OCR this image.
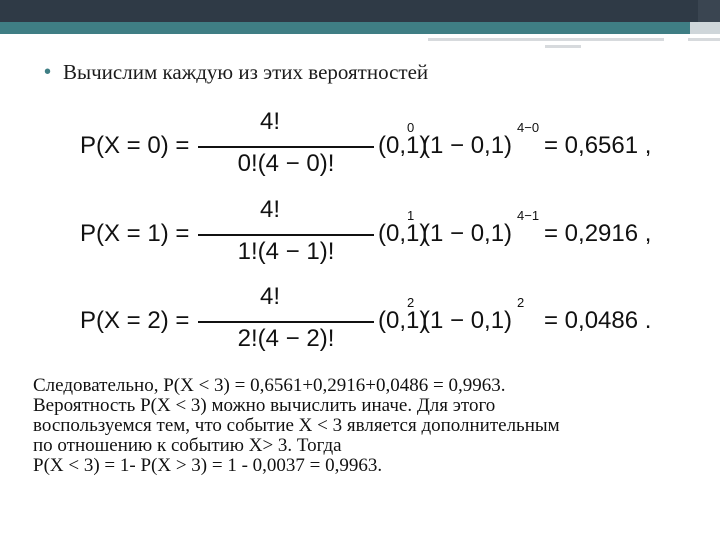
• Вычислим каждую из этих вероятностей
P(X = 0) =
4!
0!(4 − 0)!
(0,1)
0
(1 − 0,1)
4−0
= 0,6561 ,
P(X = 1) =
4!
1!(4 − 1)!
(0,1)
1
(1 − 0,1)
4−1
= 0,2916 ,
P(X = 2) =
4!
2!(4 − 2)!
(0,1)
2
(1 − 0,1)
2
= 0,0486 .
Следовательно, P(X < 3) = 0,6561+0,2916+0,0486 = 0,9963.
Вероятность P(X < 3) можно вычислить иначе. Для этого
воспользуемся тем, что событие X < 3 является дополнительным
по отношению к событию X> 3. Тогда
P(X < 3) = 1- P(X > 3) = 1 - 0,0037 = 0,9963.
